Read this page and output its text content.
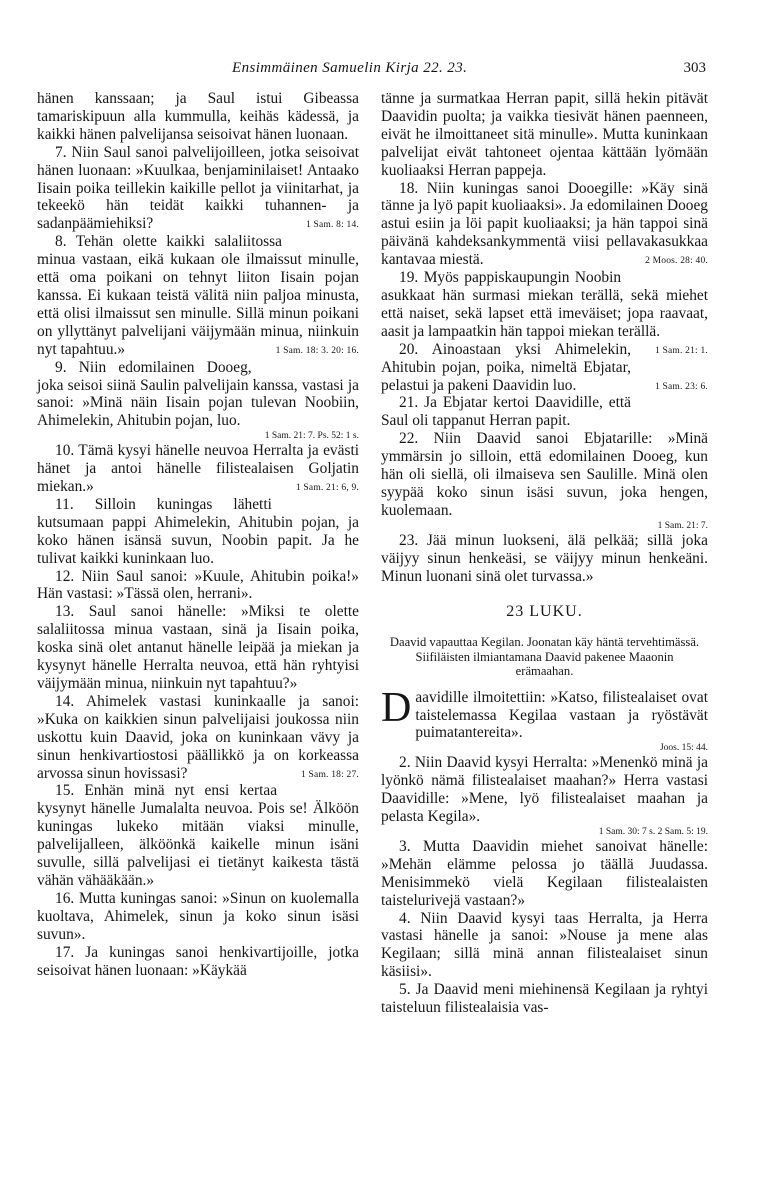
Ensimmäinen Samuelin Kirja 22. 23.	303

hänen kanssaan; ja Saul istui Gibeassa tamariskipuun alla kummulla, keihäs kädessä, ja kaikki hänen palvelijansa seisoivat hänen luonaan.

7. Niin Saul sanoi palvelijoilleen, jotka seisoivat hänen luonaan: »Kuulkaa, benjaminilaiset! Antaako Iisain poika teillekin kaikille pellot ja viinitarhat, ja tekeekö hän teidät kaikki tuhannen- ja sadanpäämiehiksi?	1 Sam. 8: 14.

8. Tehän olette kaikki salaliitossa minua vastaan, eikä kukaan ole ilmaissut minulle, että oma poikani on tehnyt liiton Iisain pojan kanssa. Ei kukaan teistä välitä niin paljoa minusta, että olisi ilmaissut sen minulle. Sillä minun poikani on yllyttänyt palvelijani väijymään minua, niinkuin nyt tapahtuu.»	1 Sam. 18: 3. 20: 16.

9. Niin edomilainen Dooeg, joka seisoi siinä Saulin palvelijain kanssa, vastasi ja sanoi: »Minä näin Iisain pojan tulevan Noobiin, Ahimelekin, Ahitubin pojan, luo.

1 Sam. 21: 7. Ps. 52: 1 s.

10. Tämä kysyi hänelle neuvoa Herralta ja evästi hänet ja antoi hänelle filistealaisen Goljatin miekan.»	1 Sam. 21: 6, 9.

11. Silloin kuningas lähetti kutsumaan pappi Ahimelekin, Ahitubin pojan, ja koko hänen isänsä suvun, Noobin papit. Ja he tulivat kaikki kuninkaan luo.

12. Niin Saul sanoi: »Kuule, Ahitubin poika!» Hän vastasi: »Tässä olen, herrani».

13. Saul sanoi hänelle: »Miksi te olette salaliitossa minua vastaan, sinä ja Iisain poika, koska sinä olet antanut hänelle leipää ja miekan ja kysynyt hänelle Herralta neuvoa, että hän ryhtyisi väijymään minua, niinkuin nyt tapahtuu?»

14. Ahimelek vastasi kuninkaalle ja sanoi: »Kuka on kaikkien sinun palvelijaisi joukossa niin uskottu kuin Daavid, joka on kuninkaan vävy ja sinun henkivartiostosi päällikkö ja on korkeassa arvossa sinun hovissasi?	1 Sam. 18: 27.

15. Enhän minä nyt ensi kertaa kysynyt hänelle Jumalalta neuvoa. Pois se! Älköön kuningas lukeko mitään viaksi minulle, palvelijalleen, älköönkä kaikelle minun isäni suvulle, sillä palvelijasi ei tietänyt kaikesta tästä vähän vähääkään.»

16. Mutta kuningas sanoi: »Sinun on kuolemalla kuoltava, Ahimelek, sinun ja koko sinun isäsi suvun».

17. Ja kuningas sanoi henkivartijoille, jotka seisoivat hänen luonaan: »Käykää

tänne ja surmatkaa Herran papit, sillä hekin pitävät Daavidin puolta; ja vaikka tiesivät hänen paenneen, eivät he ilmoittaneet sitä minulle». Mutta kuninkaan palvelijat eivät tahtoneet ojentaa kättään lyömään kuoliaaksi Herran pappeja.

18. Niin kuningas sanoi Dooegille: »Käy sinä tänne ja lyö papit kuoliaaksi». Ja edomilainen Dooeg astui esiin ja löi papit kuoliaaksi; ja hän tappoi sinä päivänä kahdeksankymmentä viisi pellavakasukkaa kantavaa miestä.	2 Moos. 28: 40.

19. Myös pappiskaupungin Noobin asukkaat hän surmasi miekan terällä, sekä miehet että naiset, sekä lapset että imeväiset; jopa raavaat, aasit ja lampaatkin hän tappoi miekan terällä.
1 Sam. 21: 1.

20. Ainoastaan yksi Ahimelekin, Ahitubin pojan, poika, nimeltä Ebjatar, pelastui ja pakeni Daavidin luo.	1 Sam. 23: 6.

21. Ja Ebjatar kertoi Daavidille, että Saul oli tappanut Herran papit.

22. Niin Daavid sanoi Ebjatarille: »Minä ymmärsin jo silloin, että edomilainen Dooeg, kun hän oli siellä, oli ilmaiseva sen Saulille. Minä olen syypää koko sinun isäsi suvun, joka hengen, kuolemaan.

1 Sam. 21: 7.

23. Jää minun luokseni, älä pelkää; sillä joka väijyy sinun henkeäsi, se väijyy minun henkeäni. Minun luonani sinä olet turvassa.»

23 LUKU.
Daavid vapauttaa Kegilan. Joonatan käy häntä tervehtimässä. Siifiläisten ilmiantamana Daavid pakenee Maaonin erämaahan.

Daavidille ilmoitettiin: »Katso, filistealaiset ovat taistelemassa Kegilaa vastaan ja ryöstävät puimatantereita».

Joos. 15: 44.

2. Niin Daavid kysyi Herralta: »Menenkö minä ja lyönkö nämä filistealaiset maahan?» Herra vastasi Daavidille: »Mene, lyö filistealaiset maahan ja pelasta Kegila».

1 Sam. 30: 7 s. 2 Sam. 5: 19.

3. Mutta Daavidin miehet sanoivat hänelle: »Mehän elämme pelossa jo täällä Juudassa. Menisimmekö vielä Kegilaan filistealaisten taistelurivejä vastaan?»

4. Niin Daavid kysyi taas Herralta, ja Herra vastasi hänelle ja sanoi: »Nouse ja mene alas Kegilaan; sillä minä annan filistealaiset sinun käsiisi».

5. Ja Daavid meni miehinensä Kegilaan ja ryhtyi taisteluun filistealaisia vas-
